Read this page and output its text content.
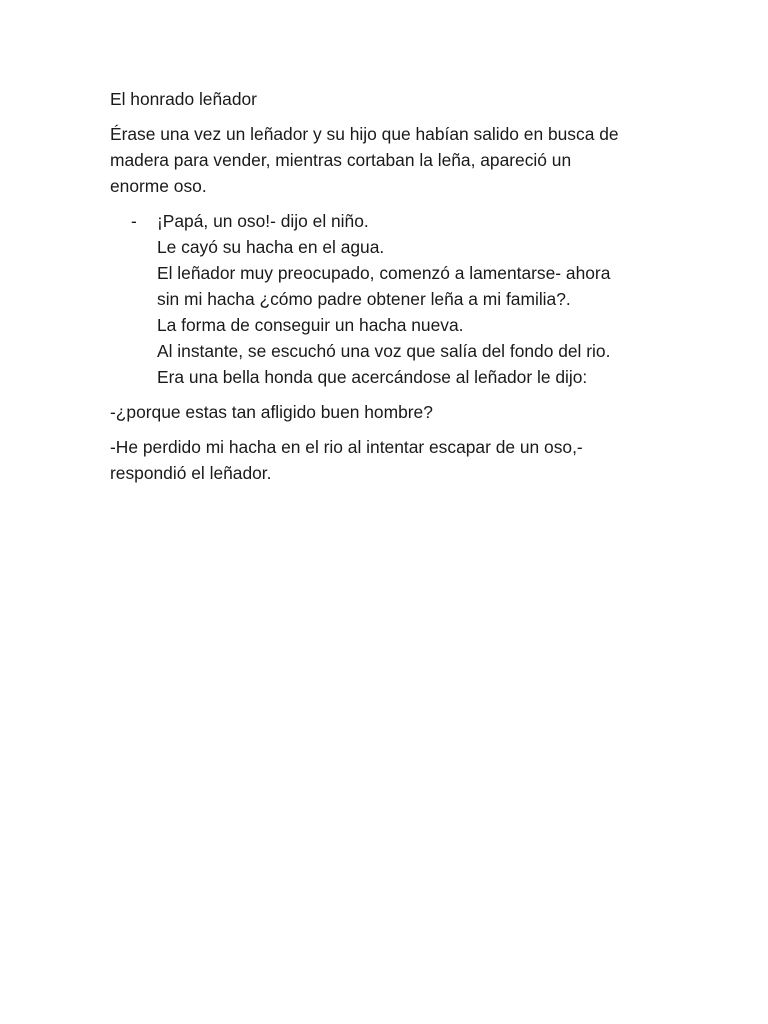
El honrado leñador

Érase una vez un leñador y su hijo que habían salido en busca de
madera para vender, mientras cortaban la leña, apareció un
enorme oso.

- ¡Papá, un oso!- dijo el niño.
Le cayó su hacha en el agua.
El leñador muy preocupado, comenzó a lamentarse- ahora
sin mi hacha ¿cómo padre obtener leña a mi familia?.
La forma de conseguir un hacha nueva.
Al instante, se escuchó una voz que salía del fondo del rio.
Era una bella honda que acercándose al leñador le dijo:

-¿porque estas tan afligido buen hombre?

-He perdido mi hacha en el rio al intentar escapar de un oso,-
respondió el leñador.
